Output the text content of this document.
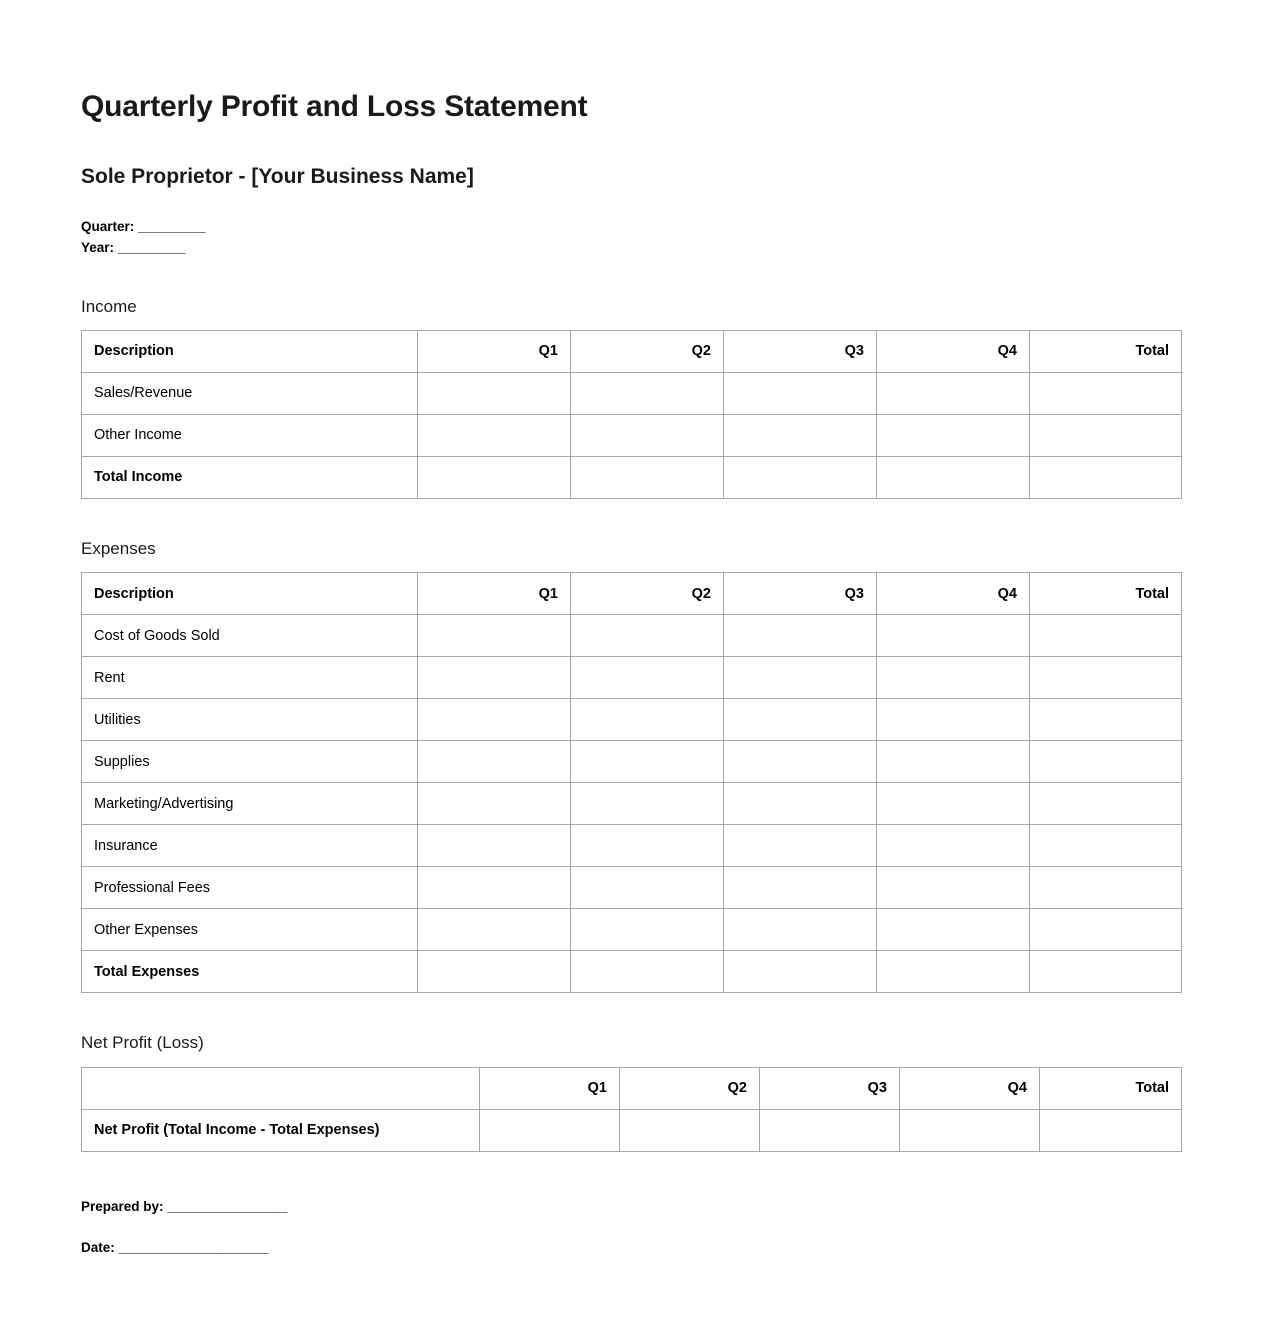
Quarterly Profit and Loss Statement
Sole Proprietor - [Your Business Name]
Quarter: _________
Year: _________
Income
Description	Q1	Q2	Q3	Q4	Total
Sales/Revenue					
Other Income					
Total Income					
Expenses
Description	Q1	Q2	Q3	Q4	Total
Cost of Goods Sold					
Rent					
Utilities					
Supplies					
Marketing/Advertising					
Insurance					
Professional Fees					
Other Expenses					
Total Expenses					
Net Profit (Loss)
	Q1	Q2	Q3	Q4	Total
Net Profit (Total Income - Total Expenses)					
Prepared by: ________________
Date: ____________________
